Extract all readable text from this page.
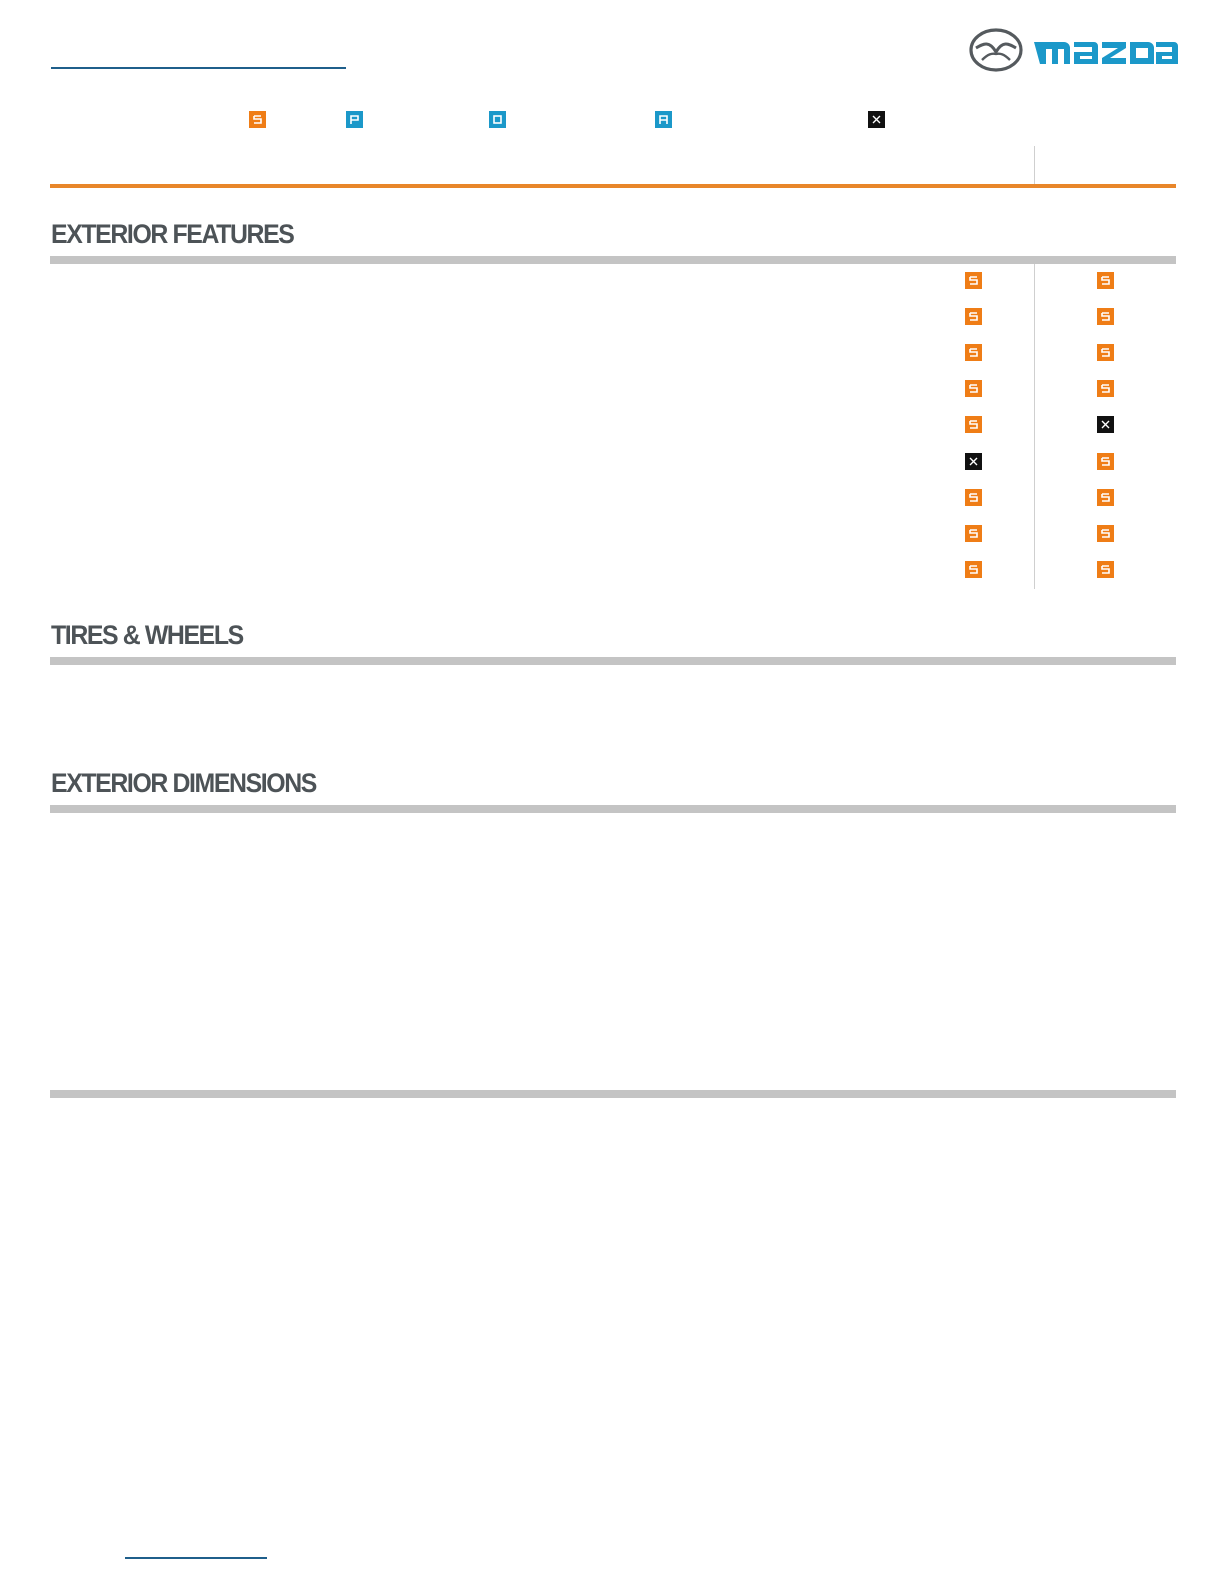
EXTERIOR FEATURES
TIRES & WHEELS
EXTERIOR DIMENSIONS
